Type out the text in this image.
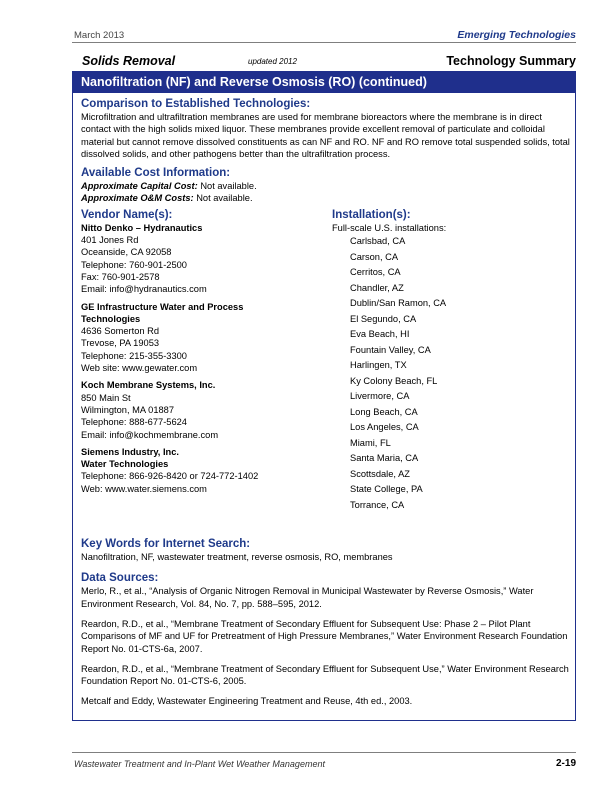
March 2013	Emerging Technologies
Solids Removal	updated 2012	Technology Summary
Nanofiltration (NF) and Reverse Osmosis (RO) (continued)
Comparison to Established Technologies:

Microfiltration and ultrafiltration membranes are used for membrane bioreactors where the membrane is in direct contact with the high solids mixed liquor. These membranes provide excellent removal of particulate and colloidal material but cannot remove dissolved constituents as can NF and RO. NF and RO remove total suspended solids, total dissolved solids, and other pathogens better than the ultrafiltration process.

Available Cost Information:

Approximate Capital Cost: Not available.

Approximate O&M Costs: Not available.

Vendor Name(s):

Nitto Denko – Hydranautics

401 Jones Rd

Oceanside, CA 92058

Telephone: 760-901-2500

Fax: 760-901-2578

Email: info@hydranautics.com

GE Infrastructure Water and Process Technologies

4636 Somerton Rd

Trevose, PA 19053

Telephone: 215-355-3300

Web site: www.gewater.com

Koch Membrane Systems, Inc.

850 Main St

Wilmington, MA 01887

Telephone: 888-677-5624

Email: info@kochmembrane.com

Siemens Industry, Inc.

Water Technologies

Telephone: 866-926-8420 or 724-772-1402

Web: www.water.siemens.com

Installation(s):

Full-scale U.S. installations:

Carlsbad, CA

Carson, CA

Cerritos, CA

Chandler, AZ

Dublin/San Ramon, CA

El Segundo, CA

Eva Beach, HI

Fountain Valley, CA

Harlingen, TX

Ky Colony Beach, FL

Livermore, CA

Long Beach, CA

Los Angeles, CA

Miami, FL

Santa Maria, CA

Scottsdale, AZ

State College, PA

Torrance, CA

Key Words for Internet Search:

Nanofiltration, NF, wastewater treatment, reverse osmosis, RO, membranes

Data Sources:

Merlo, R., et al., “Analysis of Organic Nitrogen Removal in Municipal Wastewater by Reverse Osmosis,” Water Environment Research, Vol. 84, No. 7, pp. 588–595, 2012.

Reardon, R.D., et al., “Membrane Treatment of Secondary Effluent for Subsequent Use: Phase 2 – Pilot Plant Comparisons of MF and UF for Pretreatment of High Pressure Membranes,” Water Environment Research Foundation Report No. 01-CTS-6a, 2007.

Reardon, R.D., et al., “Membrane Treatment of Secondary Effluent for Subsequent Use,” Water Environment Research Foundation Report No. 01-CTS-6, 2005.

Metcalf and Eddy, Wastewater Engineering Treatment and Reuse, 4th ed., 2003.

Wastewater Treatment and In-Plant Wet Weather Management	2-19
